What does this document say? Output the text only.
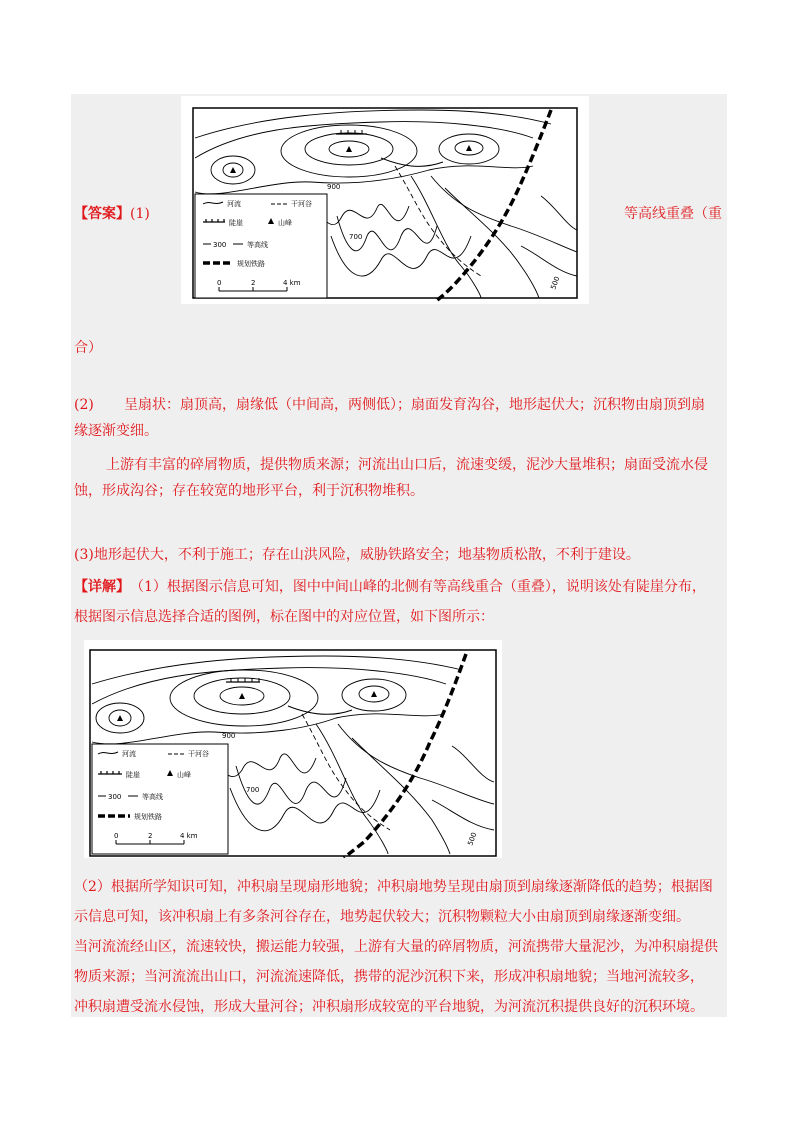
【答案】 (1)	等高线重叠（重
900
700
500
河流	干河谷
陡崖	山峰
300	等高线
规划铁路
0	2	4 km
合）
(2) 呈扇状：扇顶高，扇缘低（中间高，两侧低）；扇面发育沟谷，地形起伏大；沉积物由扇顶到扇
缘逐渐变细。
上游有丰富的碎屑物质，提供物质来源；河流出山口后，流速变缓，泥沙大量堆积；扇面受流水侵
蚀，形成沟谷；存在较宽的地形平台，利于沉积物堆积。
(3)地形起伏大，不利于施工；存在山洪风险，威胁铁路安全；地基物质松散，不利于建设。
【详解】 （1）根据图示信息可知，图中中间山峰的北侧有等高线重合（重叠），说明该处有陡崖分布，
根据图示信息选择合适的图例，标在图中的对应位置，如下图所示：
900
700
500
河流	干河谷
陡崖	山峰
300	等高线
规划铁路
0	2	4 km
（2）根据所学知识可知，冲积扇呈现扇形地貌；冲积扇地势呈现由扇顶到扇缘逐渐降低的趋势；根据图
示信息可知，该冲积扇上有多条河谷存在，地势起伏较大；沉积物颗粒大小由扇顶到扇缘逐渐变细。
当河流流经山区，流速较快，搬运能力较强，上游有大量的碎屑物质，河流携带大量泥沙，为冲积扇提供
物质来源；当河流流出山口，河流流速降低，携带的泥沙沉积下来，形成冲积扇地貌；当地河流较多，
冲积扇遭受流水侵蚀，形成大量河谷；冲积扇形成较宽的平台地貌，为河流沉积提供良好的沉积环境。
